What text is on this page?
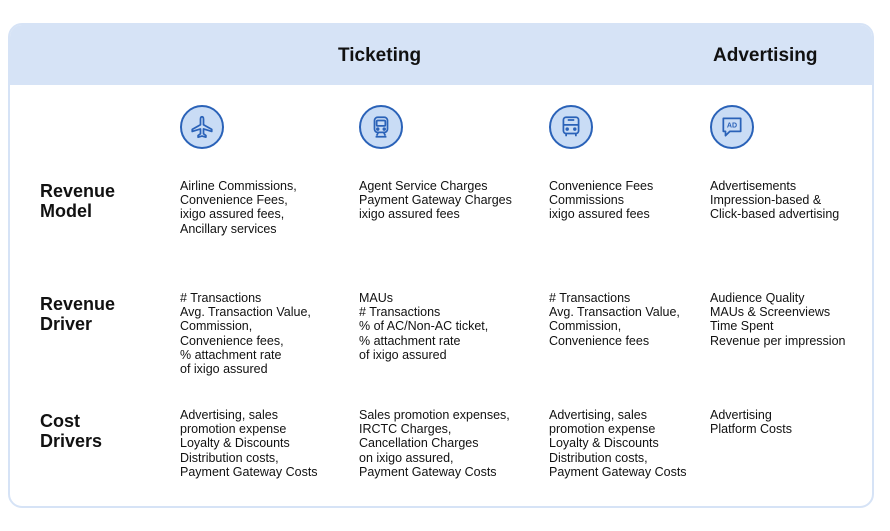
Ticketing	Advertising
AD
Revenue
Model
Revenue
Driver
Cost
Drivers
Airline Commissions,
Convenience Fees,
ixigo assured fees,
Ancillary services
Agent Service Charges
Payment Gateway Charges
ixigo assured fees
Convenience Fees
Commissions
ixigo assured fees
Advertisements
Impression-based &
Click-based advertising
# Transactions
Avg. Transaction Value,
Commission,
Convenience fees,
% attachment rate
of ixigo assured
MAUs
# Transactions
% of AC/Non-AC ticket,
% attachment rate
of ixigo assured
# Transactions
Avg. Transaction Value,
Commission,
Convenience fees
Audience Quality
MAUs & Screenviews
Time Spent
Revenue per impression
Advertising, sales
promotion expense
Loyalty & Discounts
Distribution costs,
Payment Gateway Costs
Sales promotion expenses,
IRCTC Charges,
Cancellation Charges
on ixigo assured,
Payment Gateway Costs
Advertising, sales
promotion expense
Loyalty & Discounts
Distribution costs,
Payment Gateway Costs
Advertising
Platform Costs
